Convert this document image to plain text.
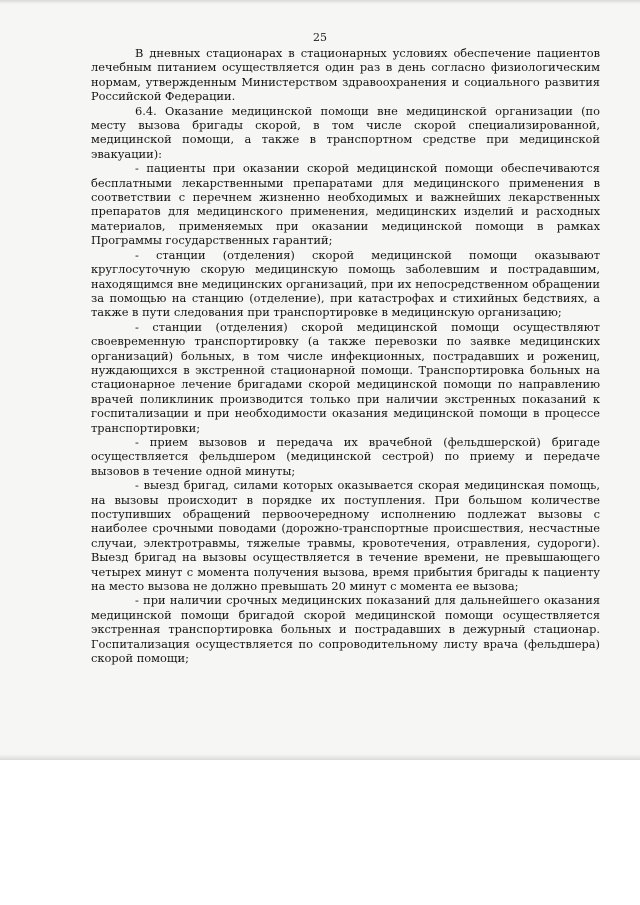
25

В дневных стационарах в стационарных условиях обеспечение пациентов лечебным питанием осуществляется один раз в день согласно физиологическим нормам, утвержденным Министерством здравоохранения и социального развития Российской Федерации.

6.4. Оказание медицинской помощи вне медицинской организации (по месту вызова бригады скорой, в том числе скорой специализированной, медицинской помощи, а также в транспортном средстве при медицинской эвакуации):

- пациенты при оказании скорой медицинской помощи обеспечиваются бесплатными лекарственными препаратами для медицинского применения в соответствии с перечнем жизненно необходимых и важнейших лекарственных препаратов для медицинского применения, медицинских изделий и расходных материалов, применяемых при оказании медицинской помощи в рамках Программы государственных гарантий;

- станции (отделения) скорой медицинской помощи оказывают круглосуточную скорую медицинскую помощь заболевшим и пострадавшим, находящимся вне медицинских организаций, при их непосредственном обращении за помощью на станцию (отделение), при катастрофах и стихийных бедствиях, а также в пути следования при транспортировке в медицинскую организацию;

- станции (отделения) скорой медицинской помощи осуществляют своевременную транспортировку (а также перевозки по заявке медицинских организаций) больных, в том числе инфекционных, пострадавших и рожениц, нуждающихся в экстренной стационарной помощи. Транспортировка больных на стационарное лечение бригадами скорой медицинской помощи по направлению врачей поликлиник производится только при наличии экстренных показаний к госпитализации и при необходимости оказания медицинской помощи в процессе транспортировки;

- прием вызовов и передача их врачебной (фельдшерской) бригаде осуществляется фельдшером (медицинской сестрой) по приему и передаче вызовов в течение одной минуты;

- выезд бригад, силами которых оказывается скорая медицинская помощь, на вызовы происходит в порядке их поступления. При большом количестве поступивших обращений первоочередному исполнению подлежат вызовы с наиболее срочными поводами (дорожно-транспортные происшествия, несчастные случаи, электротравмы, тяжелые травмы, кровотечения, отравления, судороги). Выезд бригад на вызовы осуществляется в течение времени, не превышающего четырех минут с момента получения вызова, время прибытия бригады к пациенту на место вызова не должно превышать 20 минут с момента ее вызова;

- при наличии срочных медицинских показаний для дальнейшего оказания медицинской помощи бригадой скорой медицинской помощи осуществляется экстренная транспортировка больных и пострадавших в дежурный стационар. Госпитализация осуществляется по сопроводительному листу врача (фельдшера) скорой помощи;
